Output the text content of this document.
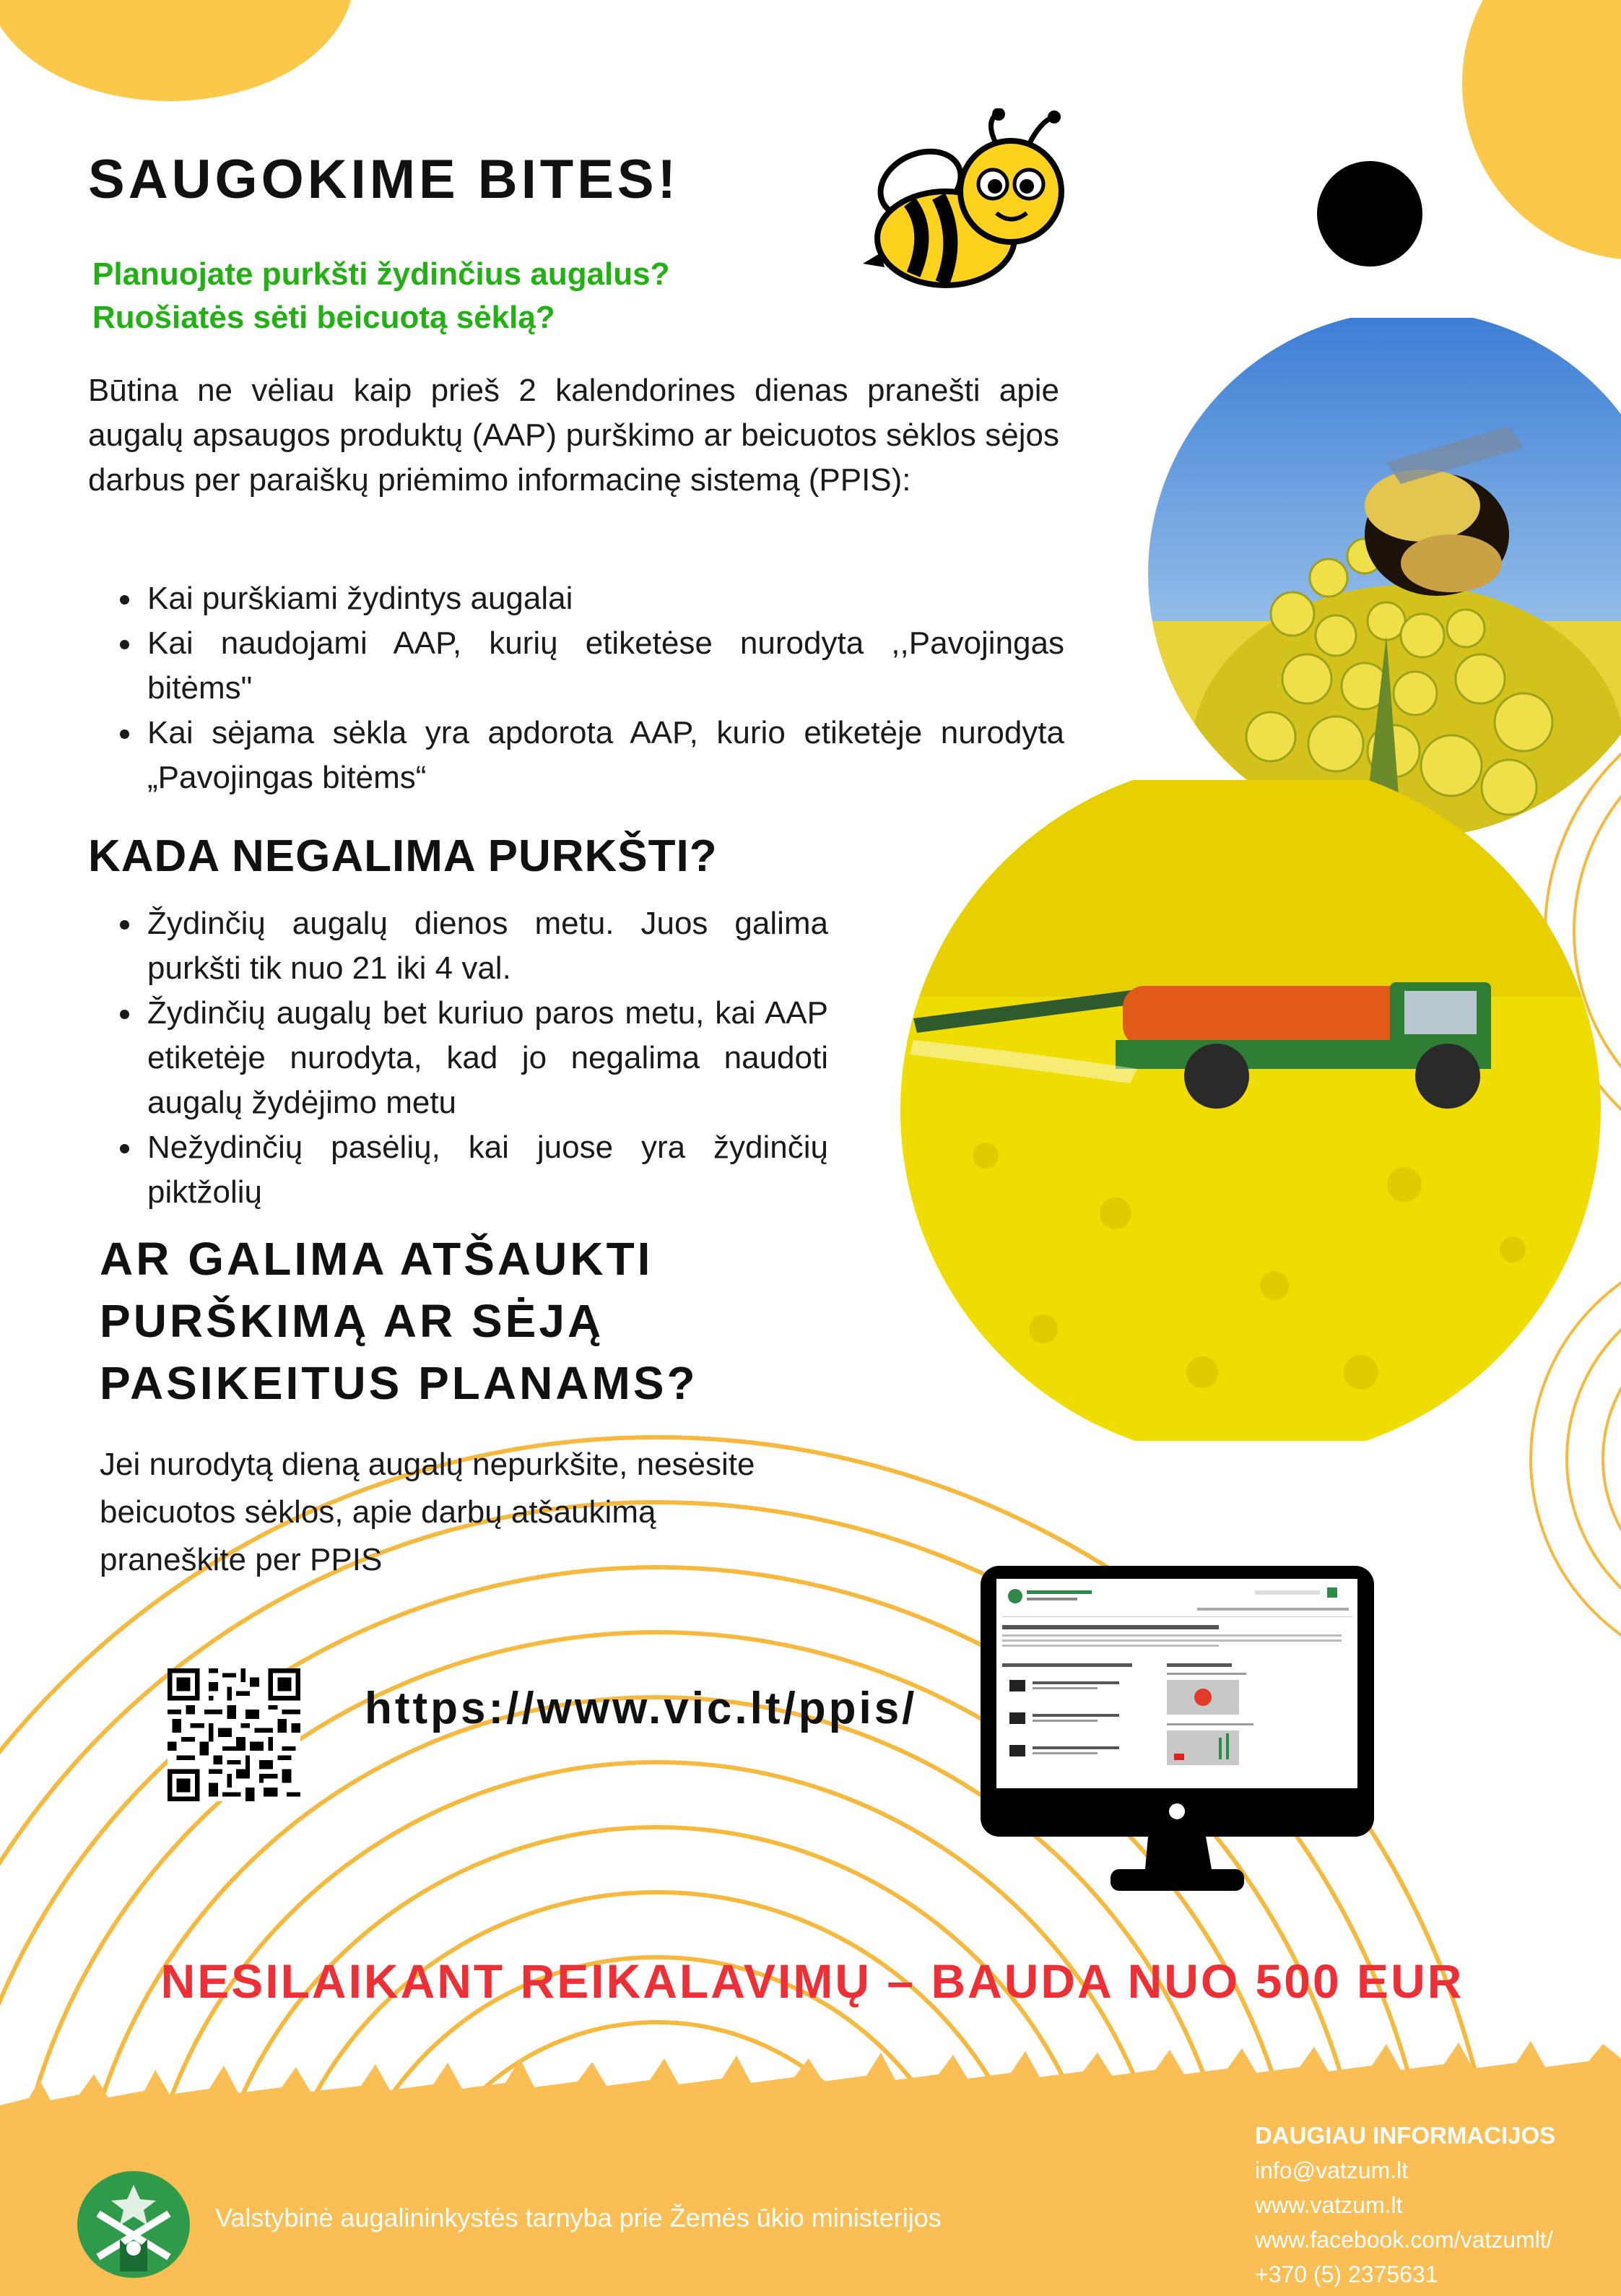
SAUGOKIME BITES!
Planuojate purkšti žydinčius augalus?
Ruošiatės sėti beicuotą sėklą?
Būtina ne vėliau kaip prieš 2 kalendorines dienas pranešti apie augalų apsaugos produktų (AAP) purškimo ar beicuotos sėklos sėjos darbus per paraiškų priėmimo informacinę sistemą (PPIS):
Kai purškiami žydintys augalai
Kai naudojami AAP, kurių etiketėse nurodyta ,,Pavojingas bitėms"
Kai sėjama sėkla yra apdorota AAP, kurio etiketėje nurodyta „Pavojingas bitėms“
KADA NEGALIMA PURKŠTI?
Žydinčių augalų dienos metu. Juos galima purkšti tik nuo 21 iki 4 val.
Žydinčių augalų bet kuriuo paros metu, kai AAP etiketėje nurodyta, kad jo negalima naudoti augalų žydėjimo metu
Nežydinčių pasėlių, kai juose yra žydinčių piktžolių
AR GALIMA ATŠAUKTI
PURŠKIMĄ AR SĖJĄ
PASIKEITUS PLANAMS?
Jei nurodytą dieną augalų nepurkšite, nesėsite beicuotos sėklos, apie darbų atšaukimą praneškite per PPIS
https://www.vic.lt/ppis/
NESILAIKANT REIKALAVIMŲ – BAUDA NUO 500 EUR
Valstybinė augalininkystės tarnyba prie Žemės ūkio ministerijos
DAUGIAU INFORMACIJOS
info@vatzum.lt
www.vatzum.lt
www.facebook.com/vatzumlt/
+370 (5) 2375631
